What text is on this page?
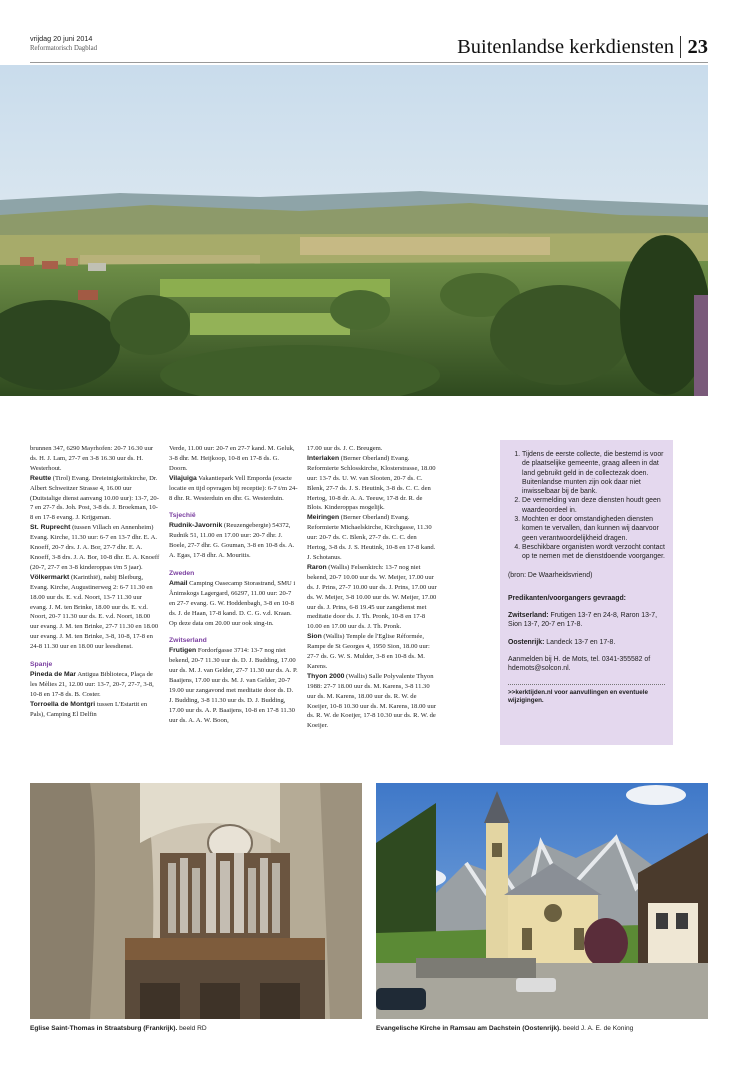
vrijdag 20 juni 2014
Reformatorisch Dagblad	Buitenlandse kerkdiensten 23

brunnen 347, 6290 Mayrhofen: 20-7 16.30 uur ds. H. J. Lam, 27-7 en 3-8 16.30 uur ds. H. Westerhout.

Reutte (Tirol) Evang. Dreieinigkeitskirche, Dr. Albert Schweitzer Strasse 4, 16.00 uur (Duitstalige dienst aanvang 10.00 uur): 13-7, 20-7 en 27-7 ds. Joh. Post, 3-8 ds. J. Broekman, 10-8 en 17-8 evang. J. Krijgsman.

St. Ruprecht (tussen Villach en Annenheim) Evang. Kirche, 11.30 uur: 6-7 en 13-7 dhr. E. A. Knoeff, 20-7 drs. J. A. Bor, 27-7 dhr. E. A. Knoeff, 3-8 drs. J. A. Bor, 10-8 dhr. E. A. Knoeff (20-7, 27-7 en 3-8 kinderoppas t/m 5 jaar).

Völkermarkt (Karinthië), nabij Bleiburg, Evang. Kirche, Augustinerweg 2: 6-7 11.30 en 18.00 uur ds. E. v.d. Noort, 13-7 11.30 uur evang. J. M. ten Brinke, 18.00 uur ds. E. v.d. Noort, 20-7 11.30 uur ds. E. v.d. Noort, 18.00 uur evang. J. M. ten Brinke, 27-7 11.30 en 18.00 uur evang. J. M. ten Brinke, 3-8, 10-8, 17-8 en 24-8 11.30 uur en 18.00 uur leesdienst.

Spanje

Pineda de Mar Antigua Biblioteca, Plaça de les Mèlies 21, 12.00 uur: 13-7, 20-7, 27-7, 3-8, 10-8 en 17-8 ds. B. Coster.

Torroella de Montgri tussen L'Estartit en Pals), Camping El Delfin

Verde, 11.00 uur: 20-7 en 27-7 kand. M. Geluk, 3-8 dhr. M. Heijkoop, 10-8 en 17-8 ds. G. Doorn.

Vilajuiga Vakantiepark Vell Emporda (exacte locatie en tijd opvragen bij receptie): 6-7 t/m 24-8 dhr. R. Westerduin en dhr. G. Westerduin.

Tsjechië

Rudnik-Javornik (Reuzengebergte) 54372, Rudnik 51, 11.00 en 17.00 uur: 20-7 dhr. J. Boele, 27-7 dhr. G. Gouman, 3-8 en 10-8 ds. A. A. Egas, 17-8 dhr. A. Mouritis.

Zweden

Amail Camping Oasecamp Storastrand, SMU i Ånimskogs Lagergard, 66297, 11.00 uur: 20-7 en 27-7 evang. G. W. Hoddenbagh, 3-8 en 10-8 ds. J. de Haan, 17-8 kand. D. C. G. v.d. Kraan. Op deze data om 20.00 uur ook sing-in.

Zwitserland

Frutigen Fordorfgasse 3714: 13-7 nog niet bekend, 20-7 11.30 uur ds. D. J. Budding, 17.00 uur ds. M. J. van Gelder, 27-7 11.30 uur ds. A. P. Baaijens, 17.00 uur ds. M. J. van Gelder, 20-7 19.00 uur zangavond met meditatie door ds. D. J. Budding, 3-8 11.30 uur ds. D. J. Budding, 17.00 uur ds. A. P. Baaijens, 10-8 en 17-8 11.30 uur ds. A. A. W. Boon,

17.00 uur ds. J. C. Breugem.

Interlaken (Berner Oberland) Evang. Reformierte Schlosskirche, Klosterstrasse, 18.00 uur: 13-7 ds. U. W. van Slooten, 20-7 ds. C. Blenk, 27-7 ds. J. S. Heutink, 3-8 ds. C. C. den Hertog, 10-8 dr. A. A. Teeuw, 17-8 dr. R. de Blois. Kinderoppas mogelijk.

Meiringen (Berner Oberland) Evang. Reformierte Michaelskirche, Kirchgasse, 11.30 uur: 20-7 ds. C. Blenk, 27-7 ds. C. C. den Hertog, 3-8 ds. J. S. Heutink, 10-8 en 17-8 kand. J. Schotanus.

Raron (Wallis) Felsenkirch: 13-7 nog niet bekend, 20-7 10.00 uur ds. W. Meijer, 17.00 uur ds. J. Prins, 27-7 10.00 uur ds. J. Prins, 17.00 uur ds. W. Meijer, 3-8 10.00 uur ds. W. Meijer, 17.00 uur ds. J. Prins, 6-8 19.45 uur zangdienst met meditatie door ds. J. Th. Pronk, 10-8 en 17-8 10.00 en 17.00 uur ds. J. Th. Pronk.

Sion (Wallis) Temple de l'Eglise Réformée, Rampe de St Georges 4, 1950 Sion, 18.00 uur: 27-7 ds. G. W. S. Mulder, 3-8 en 10-8 ds. M. Karens.

Thyon 2000 (Wallis) Salle Polyvalente Thyon 1988: 27-7 18.00 uur ds. M. Karens, 3-8 11.30 uur ds. M. Karens, 18.00 uur ds. R. W. de Koeijer, 10-8 10.30 uur ds. M. Karens, 18.00 uur ds. R. W. de Koeijer, 17-8 10.30 uur ds. R. W. de Koeijer.

1. Tijdens de eerste collecte, die bestemd is voor de plaatselijke gemeente, graag alleen in dat land gebruikt geld in de collectezak doen. Buitenlandse munten zijn ook daar niet inwisselbaar bij de bank.
2. De vermelding van deze diensten houdt geen waardeoordeel in.
3. Mochten er door omstandigheden diensten komen te vervallen, dan kunnen wij daarvoor geen verantwoordelijkheid dragen.
4. Beschikbare organisten wordt verzocht contact op te nemen met de dienstdoende voorganger.
(bron: De Waarheidsvriend)
Predikanten/voorgangers gevraagd:
Zwitserland: Frutigen 13-7 en 24-8, Raron 13-7, Sion 13-7, 20-7 en 17-8.
Oostenrijk: Landeck 13-7 en 17-8.
Aanmelden bij H. de Mots, tel. 0341-355582 of hdemots@solcon.nl.
>>kerktijden.nl voor aanvullingen en eventuele wijzigingen.
Eglise Saint-Thomas in Straatsburg (Frankrijk). beeld RD	Evangelische Kirche in Ramsau am Dachstein (Oostenrijk). beeld J. A. E. de Koning
